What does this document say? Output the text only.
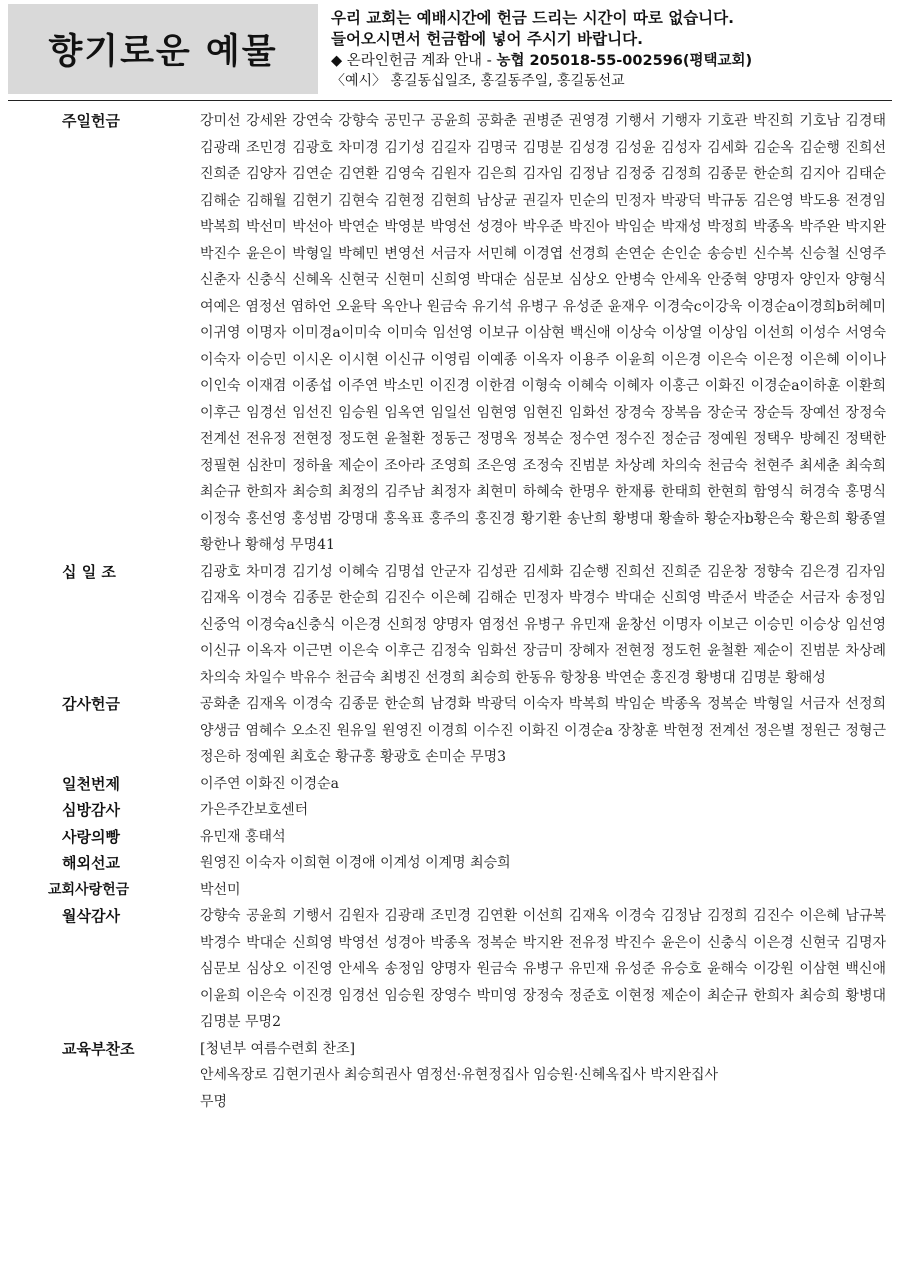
향기로운 예물
우리 교회는 예배시간에 헌금 드리는 시간이 따로 없습니다.
들어오시면서 헌금함에 넣어 주시기 바랍니다.
◆ 온라인헌금 계좌 안내 - 농협 205018-55-002596(평택교회)
〈예시〉 홍길동십일조, 홍길동주일, 홍길동선교
주일헌금	강미선 강세완 강연숙 강향숙 공민구 공윤희 공화춘 권병준 권영경 기행서 기행자 기호관 박진희 기호남 김경태 김광래 조민경 김광호 차미경 김기성 김길자 김명국 김명분 김성경 김성윤 김성자 김세화 김순옥 김순행 진희선 진희준 김양자 김연순 김연환 김영숙 김원자 김은희 김자임 김정남 김정중 김정희 김종문 한순희 김지아 김태순 김해순 김해월 김현기 김현숙 김현정 김현희 남상균 권길자 민순의 민정자 박광덕 박규동 김은영 박도용 전경임 박복희 박선미 박선아 박연순 박영분 박영선 성경아 박우준 박진아 박임순 박재성 박정희 박종옥 박주완 박지완 박진수 윤은이 박형일 박혜민 변영선 서금자 서민혜 이경엽 선경희 손연순 손인순 송승빈 신수복 신승철 신영주 신춘자 신충식 신혜옥 신현국 신현미 신희영 박대순 심문보 심상오 안병숙 안세옥 안중혁 양명자 양인자 양형식 여예은 염정선 염하언 오윤탁 옥안나 원금숙 유기석 유병구 유성준 윤재우 이경숙c이강욱 이경순a이경희b허혜미 이귀영 이명자 이미경a이미숙 이미숙 임선영 이보규 이삼현 백신애 이상숙 이상열 이상임 이선희 이성수 서영숙 이숙자 이승민 이시온 이시현 이신규 이영림 이예종 이옥자 이용주 이윤희 이은경 이은숙 이은정 이은혜 이이나 이인숙 이재겸 이종섭 이주연 박소민 이진경 이한겸 이형숙 이혜숙 이혜자 이홍근 이화진 이경순a이하훈 이환희 이후근 임경선 임선진 임승원 임옥연 임일선 임현영 임현진 임화선 장경숙 장복음 장순국 장순득 장예선 장정숙 전계선 전유정 전현정 정도현 윤철환 정동근 정명옥 정복순 정수연 정수진 정순금 정예원 정택우 방혜진 정택한 정필현 심찬미 정하율 제순이 조아라 조영희 조은영 조정숙 진범분 차상례 차의숙 천금숙 천현주 최세춘 최숙희 최순규 한희자 최승희 최정의 김주남 최정자 최현미 하혜숙 한명우 한재룡 한태희 한현희 함영식 허경숙 홍명식 이정숙 홍선영 홍성범 강명대 홍옥표 홍주의 홍진경 황기환 송난희 황병대 황솔하 황순자b황은숙 황은희 황종열 황한나 황해성 무명41
십 일 조	김광호 차미경 김기성 이혜숙 김명섭 안군자 김성관 김세화 김순행 진희선 진희준 김운창 정향숙 김은경 김자임 김재옥 이경숙 김종문 한순희 김진수 이은혜 김해순 민정자 박경수 박대순 신희영 박준서 박준순 서금자 송정임 신중억 이경숙a신충식 이은경 신희정 양명자 염정선 유병구 유민재 윤창선 이명자 이보근 이승민 이승상 임선영 이신규 이옥자 이근면 이은숙 이후근 김정숙 임화선 장금미 장혜자 전현정 정도헌 윤철환 제순이 진범분 차상례 차의숙 차일수 박유수 천금숙 최병진 선경희 최승희 한동유 항창용 박연순 홍진경 황병대 김명분 황해성
감사헌금	공화춘 김재옥 이경숙 김종문 한순희 남경화 박광덕 이숙자 박복희 박임순 박종옥 정복순 박형일 서금자 선정희 양생금 염혜수 오소진 원유일 원영진 이경희 이수진 이화진 이경순a 장창훈 박현정 전계선 정은별 정원근 정형근 정은하 정예원 최호순 황규홍 황광호 손미순 무명3
일천번제	이주연 이화진 이경순a
심방감사	가은주간보호센터
사랑의빵	유민재 홍태석
해외선교	원영진 이숙자 이희현 이경애 이계성 이계명 최승희
교회사랑헌금	박선미
월삭감사	강향숙 공윤희 기행서 김원자 김광래 조민경 김연환 이선희 김재옥 이경숙 김정남 김정희 김진수 이은혜 남규복 박경수 박대순 신희영 박영선 성경아 박종옥 정복순 박지완 전유정 박진수 윤은이 신충식 이은경 신현국 김명자 심문보 심상오 이진영 안세옥 송정임 양명자 원금숙 유병구 유민재 유성준 유승호 윤해숙 이강원 이삼현 백신애 이윤희 이은숙 이진경 임경선 임승원 장영수 박미영 장정숙 정준호 이현정 제순이 최순규 한희자 최승희 황병대 김명분 무명2
교육부찬조	[청년부 여름수련회 찬조]
안세옥장로 김현기권사 최승희권사 염정선·유현정집사 임승원·신혜옥집사 박지완집사
무명
